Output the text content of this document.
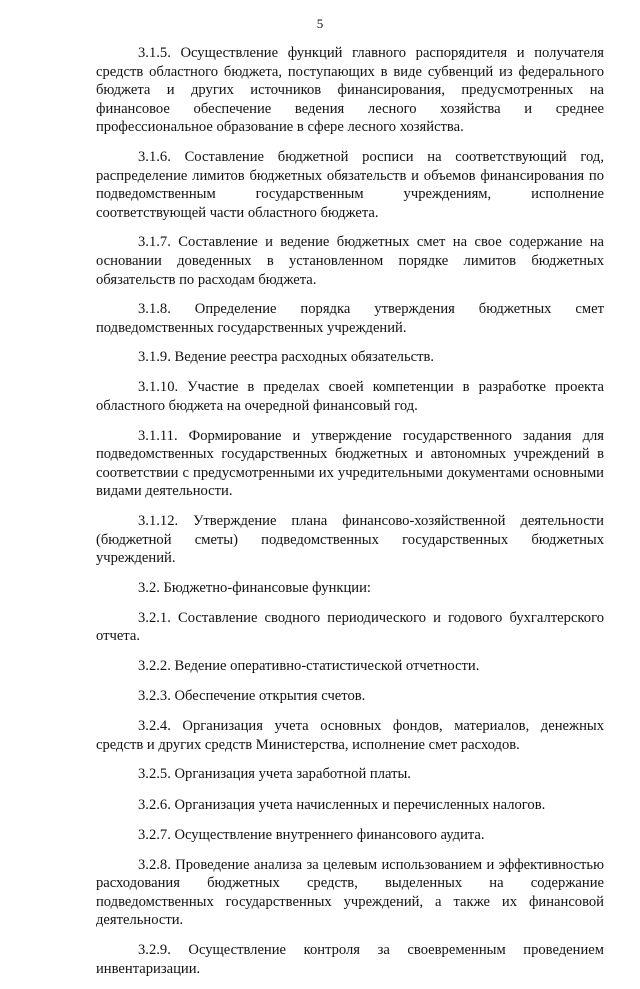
5

3.1.5. Осуществление функций главного распорядителя и получателя средств областного бюджета, поступающих в виде субвенций из федерального бюджета и других источников финансирования, предусмотренных на финансовое обеспечение ведения лесного хозяйства и среднее профессиональное образование в сфере лесного хозяйства.

3.1.6. Составление бюджетной росписи на соответствующий год, распределение лимитов бюджетных обязательств и объемов финансирования по подведомственным государственным учреждениям, исполнение соответствующей части областного бюджета.

3.1.7. Составление и ведение бюджетных смет на свое содержание на основании доведенных в установленном порядке лимитов бюджетных обязательств по расходам бюджета.

3.1.8. Определение порядка утверждения бюджетных смет подведомственных государственных учреждений.

3.1.9. Ведение реестра расходных обязательств.

3.1.10. Участие в пределах своей компетенции в разработке проекта областного бюджета на очередной финансовый год.

3.1.11. Формирование и утверждение государственного задания для подведомственных государственных бюджетных и автономных учреждений в соответствии с предусмотренными их учредительными документами основными видами деятельности.

3.1.12. Утверждение плана финансово-хозяйственной деятельности (бюджетной сметы) подведомственных государственных бюджетных учреждений.

3.2. Бюджетно-финансовые функции:

3.2.1. Составление сводного периодического и годового бухгалтерского отчета.

3.2.2. Ведение оперативно-статистической отчетности.

3.2.3. Обеспечение открытия счетов.

3.2.4. Организация учета основных фондов, материалов, денежных средств и других средств Министерства, исполнение смет расходов.

3.2.5. Организация учета заработной платы.

3.2.6. Организация учета начисленных и перечисленных налогов.

3.2.7. Осуществление внутреннего финансового аудита.

3.2.8. Проведение анализа за целевым использованием и эффективностью расходования бюджетных средств, выделенных на содержание подведомственных государственных учреждений, а также их финансовой деятельности.

3.2.9. Осуществление контроля за своевременным проведением инвентаризации.
